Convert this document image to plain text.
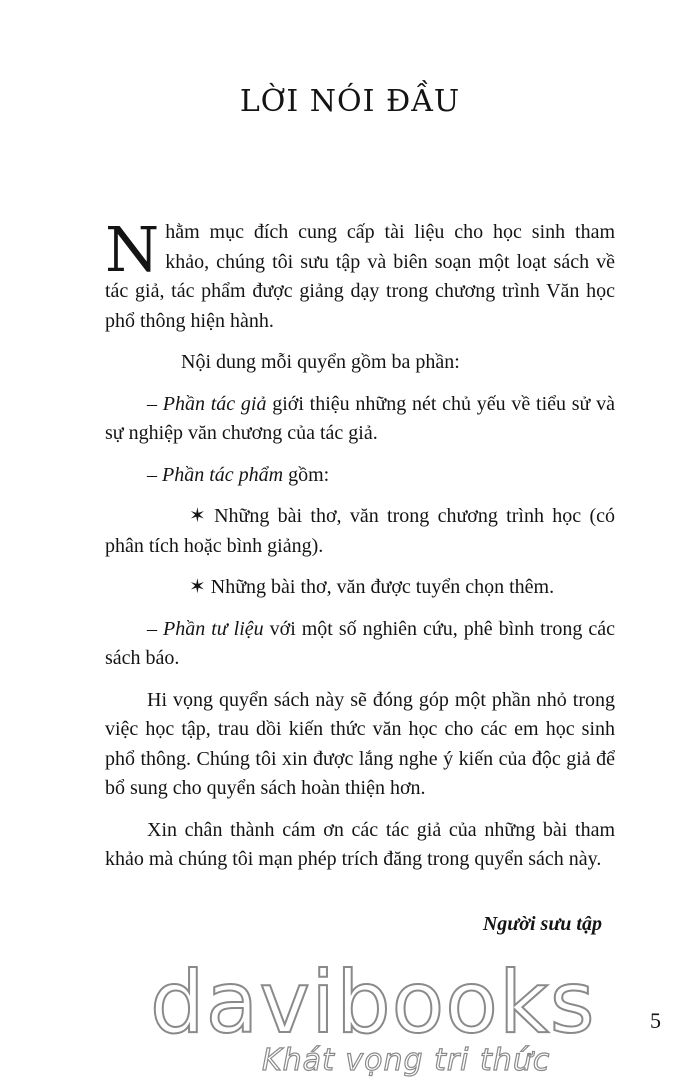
LỜI NÓI ĐẦU

Nhằm mục đích cung cấp tài liệu cho học sinh tham khảo, chúng tôi sưu tập và biên soạn một loạt sách về tác giả, tác phẩm được giảng dạy trong chương trình Văn học phổ thông hiện hành.

Nội dung mỗi quyển gồm ba phần:

– Phần tác giả giới thiệu những nét chủ yếu về tiểu sử và sự nghiệp văn chương của tác giả.

– Phần tác phẩm gồm:

✶ Những bài thơ, văn trong chương trình học (có phân tích hoặc bình giảng).

✶ Những bài thơ, văn được tuyển chọn thêm.

– Phần tư liệu với một số nghiên cứu, phê bình trong các sách báo.

Hi vọng quyển sách này sẽ đóng góp một phần nhỏ trong việc học tập, trau dồi kiến thức văn học cho các em học sinh phổ thông. Chúng tôi xin được lắng nghe ý kiến của độc giả để bổ sung cho quyển sách hoàn thiện hơn.

Xin chân thành cám ơn các tác giả của những bài tham khảo mà chúng tôi mạn phép trích đăng trong quyển sách này.

Người sưu tập
davibooks
Khát vọng tri thức
5
